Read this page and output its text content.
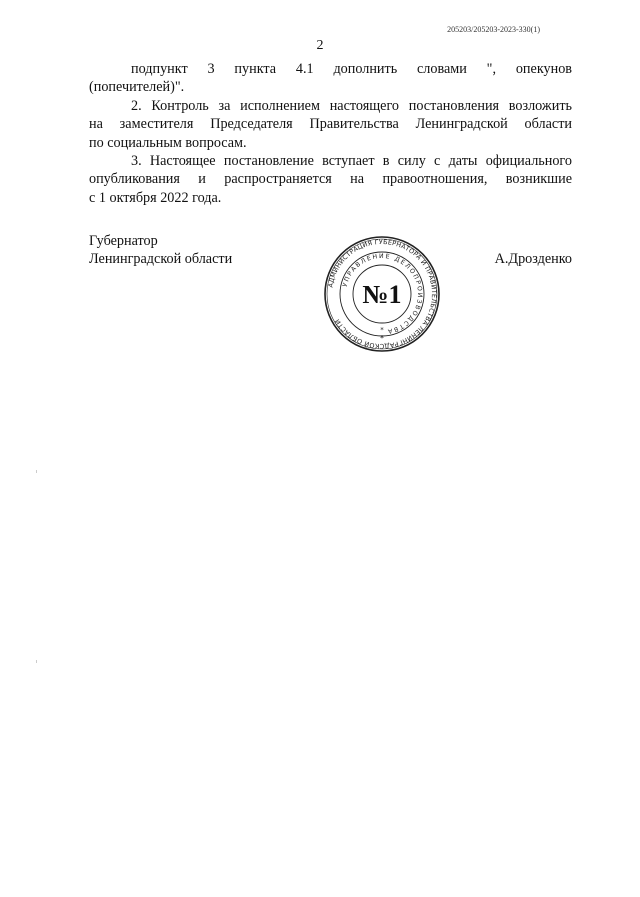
205203/205203-2023-330(1)
2

подпункт 3 пункта 4.1 дополнить словами ", опекунов
(попечителей)".

2. Контроль за исполнением настоящего постановления возложить
на заместителя Председателя Правительства Ленинградской области
по социальным вопросам.

3. Настоящее постановление вступает в силу с даты официального
опубликования и распространяется на правоотношения, возникшие
с 1 октября 2022 года.

Губернатор
Ленинградской области	А.Дрозденко
АДМИНИСТРАЦИЯ ГУБЕРНАТОРА И ПРАВИТЕЛЬСТВА ЛЕНИНГРАДСКОЙ ОБЛАСТИ
УПРАВЛЕНИЕ ДЕЛОПРОИЗВОДСТВА
№1
*
*
